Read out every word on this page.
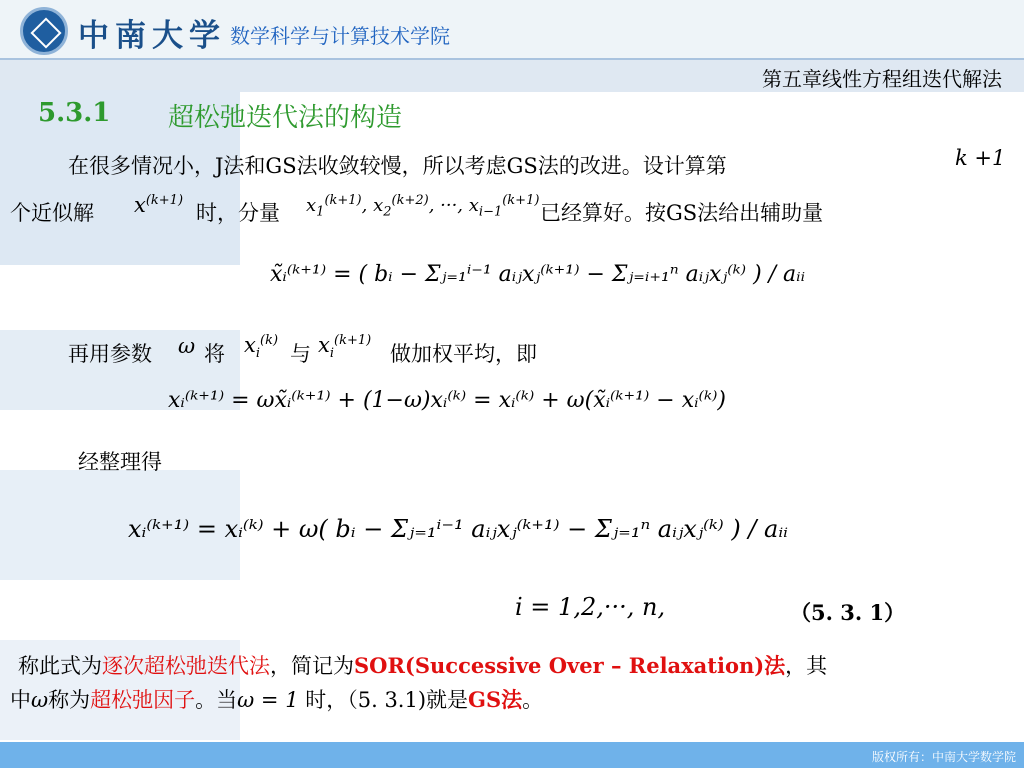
中南大学 数学科学与计算技术学院
第五章线性方程组迭代解法
5.3.1 超松弛迭代法的构造
在很多情况小，J法和GS法收敛较慢，所以考虑GS法的改进。设计算第	k +1
个近似解 $x^{(k+1)}$
时，分量 $x_1^{(k+1)}$, $x_2^{(k+2)}$, ···, $x_{i-1}^{(k+1)}$
已经算好。按GS法给出辅助量
x̃ᵢ⁽ᵏ⁺¹⁾ = ( bᵢ − Σⱼ₌₁ⁱ⁻¹ aᵢⱼxⱼ⁽ᵏ⁺¹⁾ − Σⱼ₌ᵢ₊₁ⁿ aᵢⱼxⱼ⁽ᵏ⁾ ) / aᵢᵢ
再用参数 ω 将 $x_i^{(k)}$
与 $x_i^{(k+1)}$
做加权平均，即
xᵢ⁽ᵏ⁺¹⁾ = ωx̃ᵢ⁽ᵏ⁺¹⁾ + (1−ω)xᵢ⁽ᵏ⁾ = xᵢ⁽ᵏ⁾ + ω(x̃ᵢ⁽ᵏ⁺¹⁾ − xᵢ⁽ᵏ⁾)
经整理得
xᵢ⁽ᵏ⁺¹⁾ = xᵢ⁽ᵏ⁾ + ω( bᵢ − Σⱼ₌₁ⁱ⁻¹ aᵢⱼxⱼ⁽ᵏ⁺¹⁾ − Σⱼ₌₁ⁿ aᵢⱼxⱼ⁽ᵏ⁾ ) / aᵢᵢ
i = 1,2,···, n,	（5. 3. 1）
称此式为逐次超松弛迭代法，简记为SOR(Successive Over – Relaxation)法，其
中ω称为超松弛因子。当ω = 1 时，（5. 3.1)就是GS法。
版权所有：中南大学数学院
